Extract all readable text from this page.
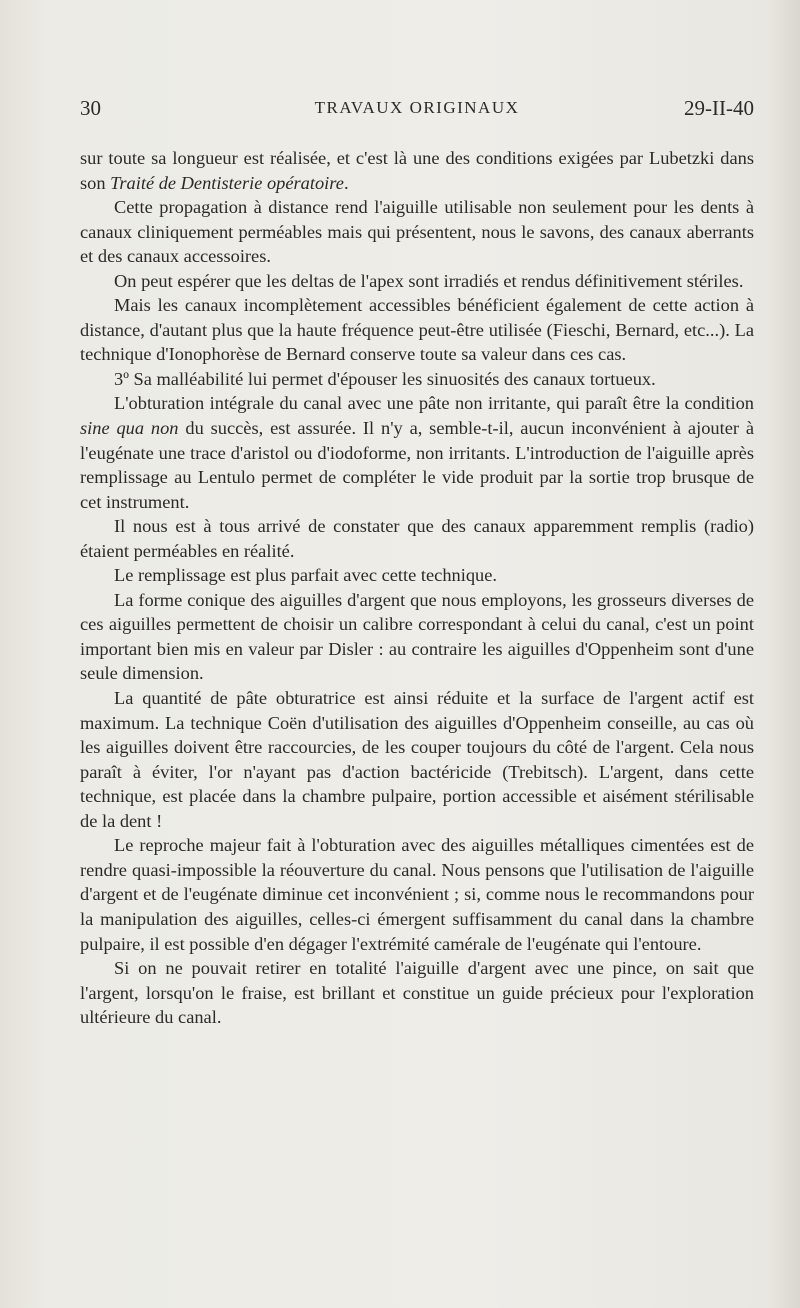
30	TRAVAUX ORIGINAUX	29-II-40

sur toute sa longueur est réalisée, et c'est là une des conditions exigées par Lubetzki dans son Traité de Dentisterie opératoire.

Cette propagation à distance rend l'aiguille utilisable non seulement pour les dents à canaux cliniquement perméables mais qui présentent, nous le savons, des canaux aberrants et des canaux accessoires.

On peut espérer que les deltas de l'apex sont irradiés et rendus définitivement stériles.

Mais les canaux incomplètement accessibles bénéficient également de cette action à distance, d'autant plus que la haute fréquence peut-être utilisée (Fieschi, Bernard, etc...). La technique d'Ionophorèse de Bernard conserve toute sa valeur dans ces cas.

3º Sa malléabilité lui permet d'épouser les sinuosités des canaux tortueux.

L'obturation intégrale du canal avec une pâte non irritante, qui paraît être la condition sine qua non du succès, est assurée. Il n'y a, semble-t-il, aucun inconvénient à ajouter à l'eugénate une trace d'aristol ou d'iodoforme, non irritants. L'introduction de l'aiguille après remplissage au Lentulo permet de compléter le vide produit par la sortie trop brusque de cet instrument.

Il nous est à tous arrivé de constater que des canaux apparemment remplis (radio) étaient perméables en réalité.

Le remplissage est plus parfait avec cette technique.

La forme conique des aiguilles d'argent que nous employons, les grosseurs diverses de ces aiguilles permettent de choisir un calibre correspondant à celui du canal, c'est un point important bien mis en valeur par Disler : au contraire les aiguilles d'Oppenheim sont d'une seule dimension.

La quantité de pâte obturatrice est ainsi réduite et la surface de l'argent actif est maximum. La technique Coën d'utilisation des aiguilles d'Oppenheim conseille, au cas où les aiguilles doivent être raccourcies, de les couper toujours du côté de l'argent. Cela nous paraît à éviter, l'or n'ayant pas d'action bactéricide (Trebitsch). L'argent, dans cette technique, est placée dans la chambre pulpaire, portion accessible et aisément stérilisable de la dent !

Le reproche majeur fait à l'obturation avec des aiguilles métalliques cimentées est de rendre quasi-impossible la réouverture du canal. Nous pensons que l'utilisation de l'aiguille d'argent et de l'eugénate diminue cet inconvénient ; si, comme nous le recommandons pour la manipulation des aiguilles, celles-ci émergent suffisamment du canal dans la chambre pulpaire, il est possible d'en dégager l'extrémité camérale de l'eugénate qui l'entoure.

Si on ne pouvait retirer en totalité l'aiguille d'argent avec une pince, on sait que l'argent, lorsqu'on le fraise, est brillant et constitue un guide précieux pour l'exploration ultérieure du canal.
